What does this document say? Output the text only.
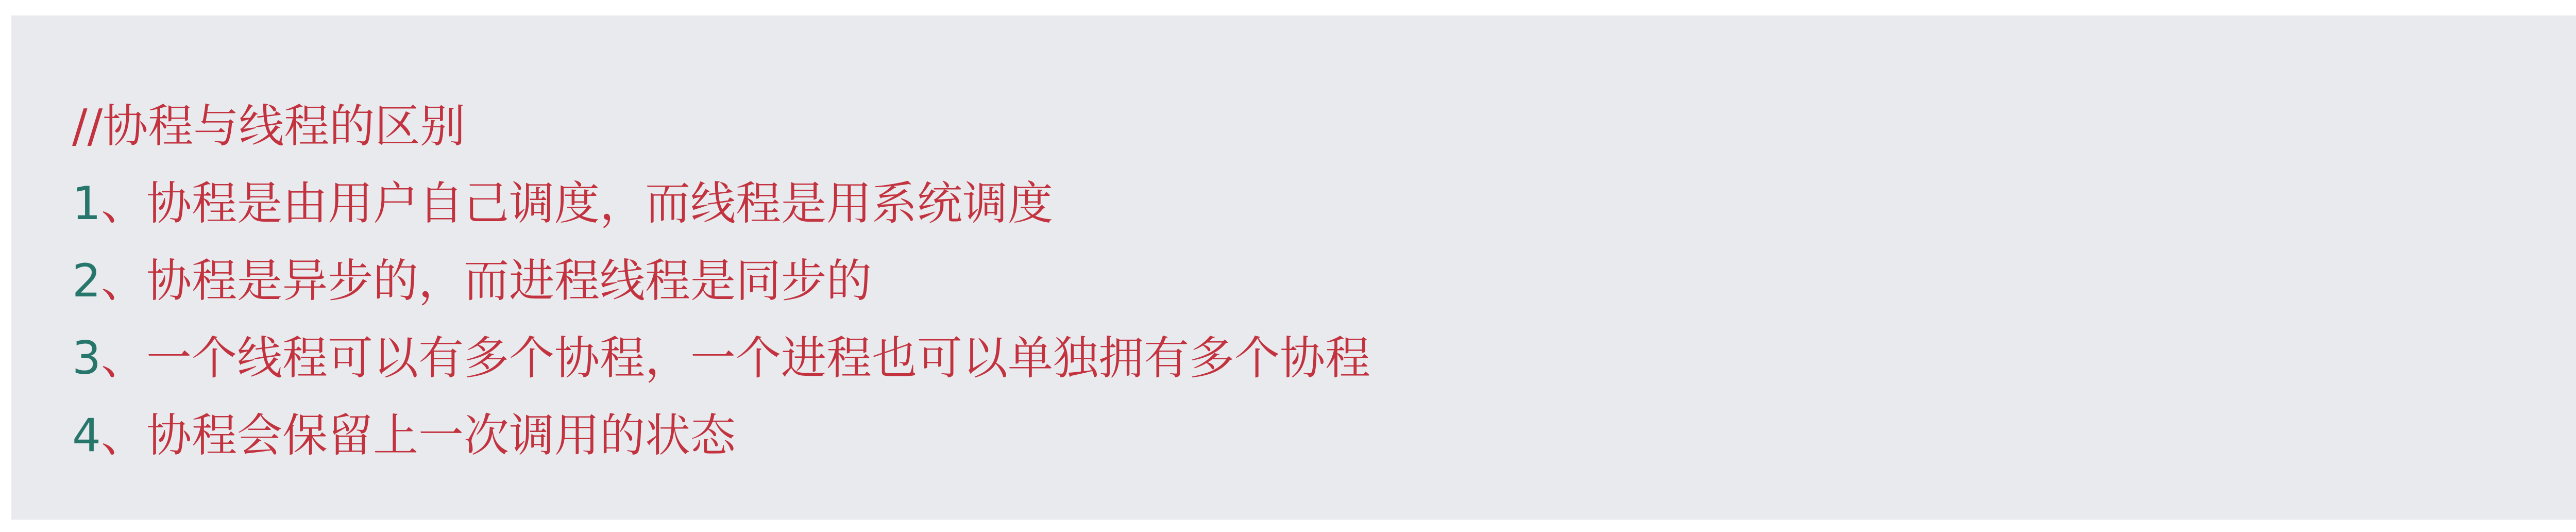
//协程与线程的区别
1、协程是由用户自己调度，而线程是用系统调度
2、协程是异步的，而进程线程是同步的
3、一个线程可以有多个协程，一个进程也可以单独拥有多个协程
4、协程会保留上一次调用的状态
